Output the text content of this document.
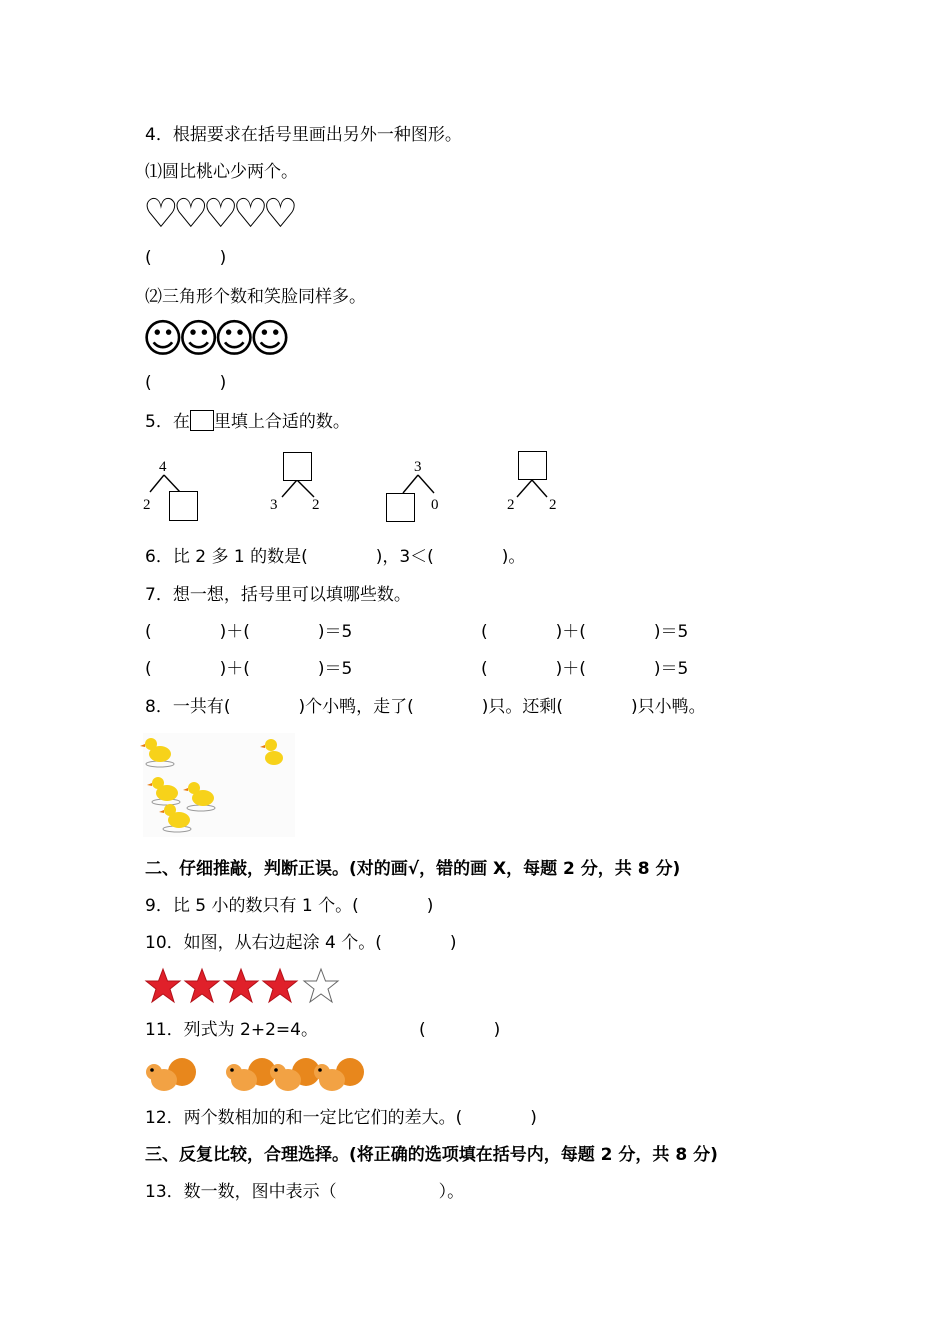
4．根据要求在括号里画出另外一种图形。
⑴圆比桃心少两个。
♡♡♡♡♡
(　　　　)
⑵三角形个数和笑脸同样多。
☺☺☺☺
(　　　　)
5．在 里填上合适的数。
4
2	3 2
3
0	2 2
6．比 2 多 1 的数是(　　　　)，3＜(　　　　)。
7．想一想，括号里可以填哪些数。
(　　　　)＋(　　　　)＝5	(　　　　)＋(　　　　)＝5
(　　　　)＋(　　　　)＝5	(　　　　)＋(　　　　)＝5
8．一共有(　　　　)个小鸭，走了(　　　　)只。还剩(　　　　)只小鸭。
二、仔细推敲，判断正误。(对的画√，错的画 X，每题 2 分，共 8 分)
9．比 5 小的数只有 1 个。(　　　　)
10．如图，从右边起涂 4 个。(　　　　)
11．列式为 2+2=4。	(　　　　)
12．两个数相加的和一定比它们的差大。(　　　　)
三、反复比较，合理选择。(将正确的选项填在括号内，每题 2 分，共 8 分)
13．数一数，图中表示（　　　　　　）。
